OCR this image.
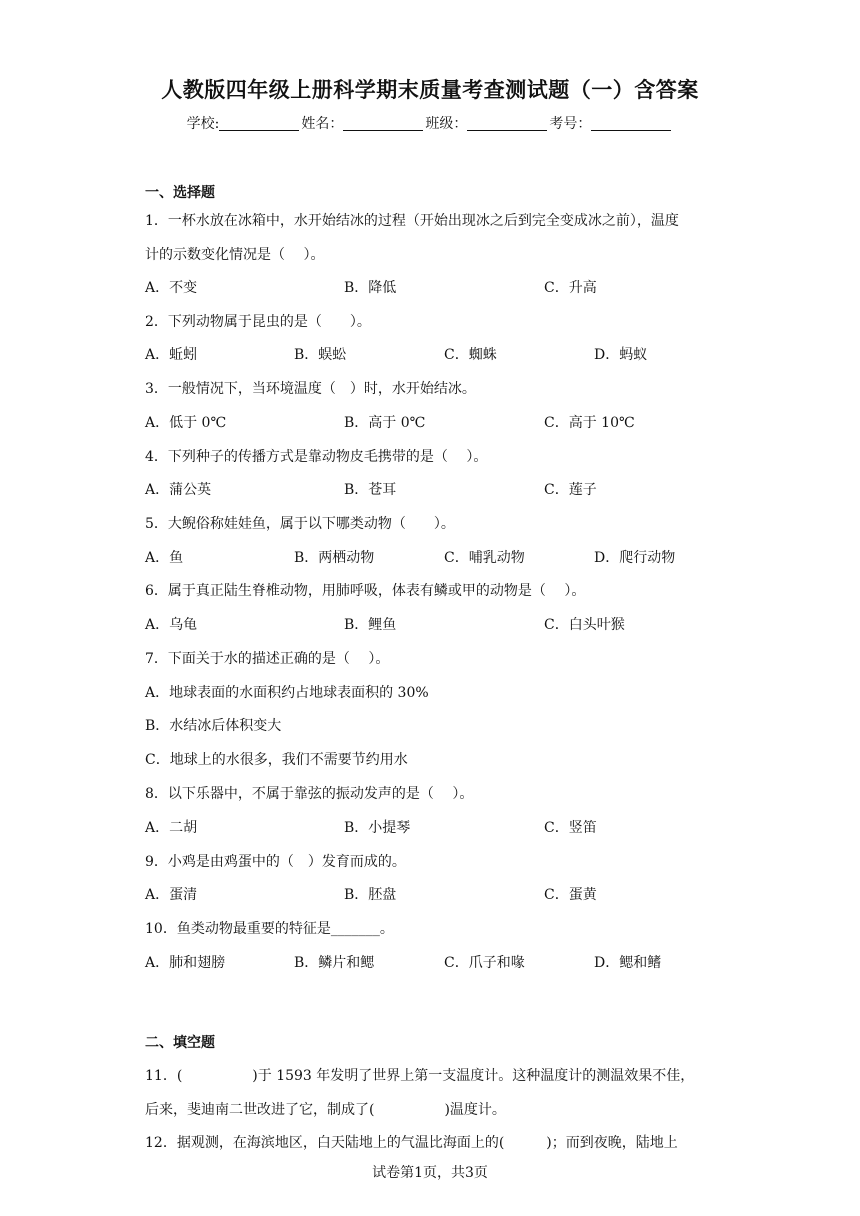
人教版四年级上册科学期末质量考查测试题（一）含答案
学校:	姓名：	班级：	考号：
一、选择题
1．一杯水放在冰箱中，水开始结冰的过程（开始出现冰之后到完全变成冰之前），温度
计的示数变化情况是（　 ）。
A．不变	B．降低	C．升高
2．下列动物属于昆虫的是（　　）。
A．蚯蚓	B．蜈蚣	C．蜘蛛	D．蚂蚁
3．一般情况下，当环境温度（　）时，水开始结冰。
A．低于 0℃	B．高于 0℃	C．高于 10℃
4．下列种子的传播方式是靠动物皮毛携带的是（　 ）。
A．蒲公英	B．苍耳	C．莲子
5．大鲵俗称娃娃鱼，属于以下哪类动物（　　）。
A．鱼	B．两栖动物	C．哺乳动物	D．爬行动物
6．属于真正陆生脊椎动物，用肺呼吸，体表有鳞或甲的动物是（　 ）。
A．乌龟	B．鲤鱼	C．白头叶猴
7．下面关于水的描述正确的是（　 ）。
A．地球表面的水面积约占地球表面积的 30%
B．水结冰后体积变大
C．地球上的水很多，我们不需要节约用水
8．以下乐器中，不属于靠弦的振动发声的是（　 ）。
A．二胡	B．小提琴	C．竖笛
9．小鸡是由鸡蛋中的（　）发育而成的。
A．蛋清	B．胚盘	C．蛋黄
10．鱼类动物最重要的特征是_______。
A．肺和翅膀	B．鳞片和鳃	C．爪子和喙	D．鳃和鳍
二、填空题
11．(　　　　　)于 1593 年发明了世界上第一支温度计。这种温度计的测温效果不佳，
后来，斐迪南二世改进了它，制成了(　　　　　)温度计。
12．据观测，在海滨地区，白天陆地上的气温比海面上的(　　　)；而到夜晚，陆地上
试卷第1页，共3页
